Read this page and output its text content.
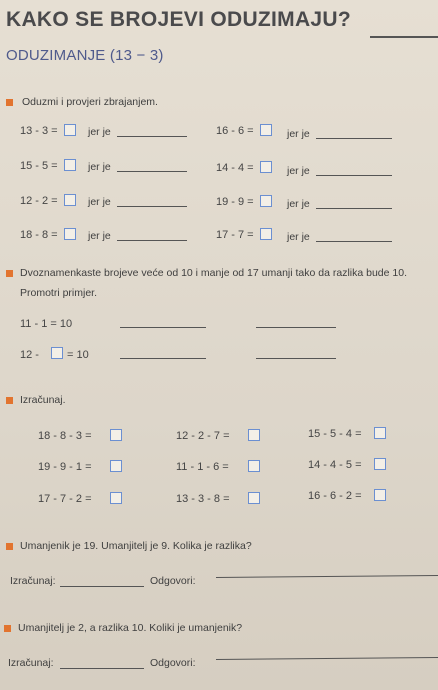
KAKO SE BROJEVI ODUZIMAJU?
ODUZIMANJE (13 − 3)
Oduzmi i provjeri zbrajanjem.
13 - 3 =	jer je	16 - 6 =	jer je
15 - 5 =	jer je	14 - 4 =	jer je
12 - 2 =	jer je	19 - 9 =	jer je
18 - 8 =	jer je	17 - 7 =	jer je
Dvoznamenkaste brojeve veće od 10 i manje od 17 umanji tako da razlika bude 10.
Promotri primjer.
11 - 1 = 10
12 -	= 10
Izračunaj.
18 - 8 - 3 =	12 - 2 - 7 =	15 - 5 - 4 =
19 - 9 - 1 =	11 - 1 - 6 =	14 - 4 - 5 =
17 - 7 - 2 =	13 - 3 - 8 =	16 - 6 - 2 =
Umanjenik je 19. Umanjitelj je 9. Kolika je razlika?
Izračunaj:	Odgovori:
Umanjitelj je 2, a razlika 10. Koliki je umanjenik?
Izračunaj:	Odgovori:
